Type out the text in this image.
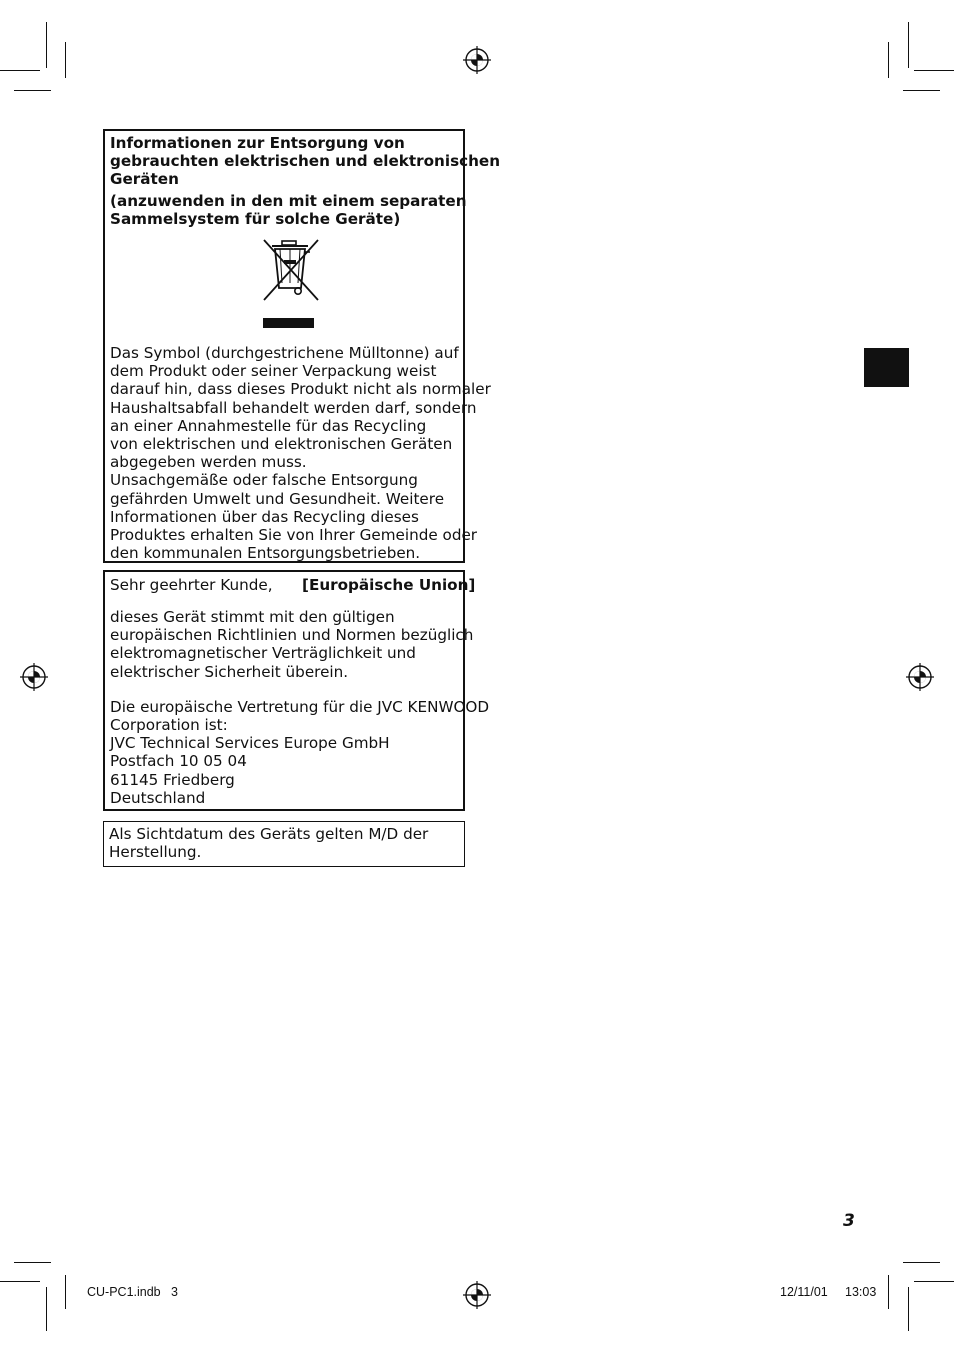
Informationen zur Entsorgung von
gebrauchten elektrischen und elektronischen
Geräten
(anzuwenden in den mit einem separaten
Sammelsystem für solche Geräte)
Das Symbol (durchgestrichene Mülltonne) auf
dem Produkt oder seiner Verpackung weist
darauf hin, dass dieses Produkt nicht als normaler
Haushaltsabfall behandelt werden darf, sondern
an einer Annahmestelle für das Recycling
von elektrischen und elektronischen Geräten
abgegeben werden muss.
Unsachgemäße oder falsche Entsorgung
gefährden Umwelt und Gesundheit. Weitere
Informationen über das Recycling dieses
Produktes erhalten Sie von Ihrer Gemeinde oder
den kommunalen Entsorgungsbetrieben.
Sehr geehrter Kunde, [Europäische Union]
dieses Gerät stimmt mit den gültigen
europäischen Richtlinien und Normen bezüglich
elektromagnetischer Verträglichkeit und
elektrischer Sicherheit überein.
Die europäische Vertretung für die JVC KENWOOD
Corporation ist:
JVC Technical Services Europe GmbH
Postfach 10 05 04
61145 Friedberg
Deutschland
Als Sichtdatum des Geräts gelten M/D der
Herstellung.
3
CU-PC1.indb   3	12/11/01 13:03
